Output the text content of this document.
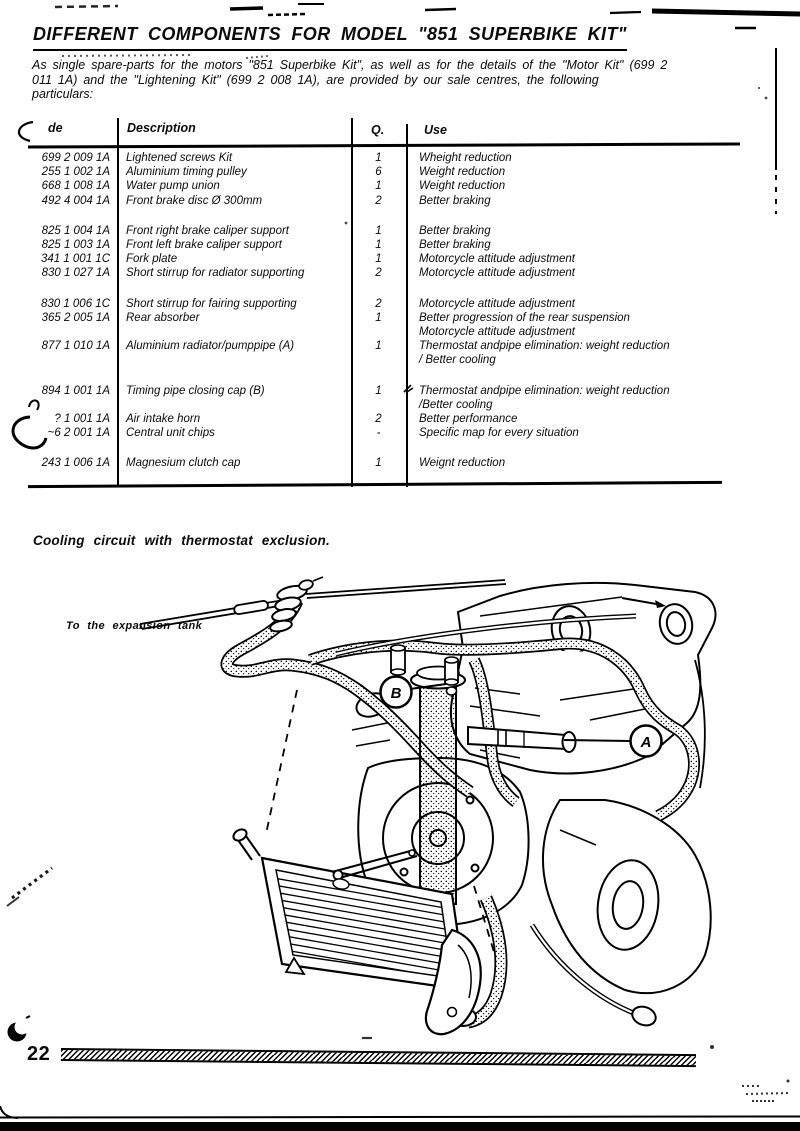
B
A
DIFFERENT COMPONENTS FOR MODEL "851 SUPERBIKE KIT"
As single spare-parts for the motors "851 Superbike Kit", as well as for the details of the "Motor Kit" (699 2
011 1A) and the "Lightening Kit" (699 2 008 1A), are provided by our sale centres, the following
particulars:
de	Description	Q.	Use
699 2 009 1A	Lightened screws Kit	1	Wheight reduction
255 1 002 1A	Aluminium timing pulley	6	Weight reduction
668 1 008 1A	Water pump union	1	Weight reduction
492 4 004 1A	Front brake disc Ø 300mm	2	Better braking
825 1 004 1A	Front right brake caliper support	1	Better braking
825 1 003 1A	Front left brake caliper support	1	Better braking
341 1 001 1C	Fork plate	1	Motorcycle attitude adjustment
830 1 027 1A	Short stirrup for radiator supporting	2	Motorcycle attitude adjustment
830 1 006 1C	Short stirrup for fairing supporting	2	Motorcycle attitude adjustment
365 2 005 1A	Rear absorber	1	Better progression of the rear suspension
Motorcycle attitude adjustment
877 1 010 1A	Aluminium radiator/pumppipe (A)	1	Thermostat andpipe elimination: weight reduction
/ Better cooling
894 1 001 1A	Timing pipe closing cap (B)	1	Thermostat andpipe elimination: weight reduction
/Better cooling
? 1 001 1A	Air intake horn	2	Better performance
~6 2 001 1A	Central unit chips	-	Specific map for every situation
243 1 006 1A	Magnesium clutch cap	1	Weignt reduction
Cooling circuit with thermostat exclusion.
To the expansion tank
22
